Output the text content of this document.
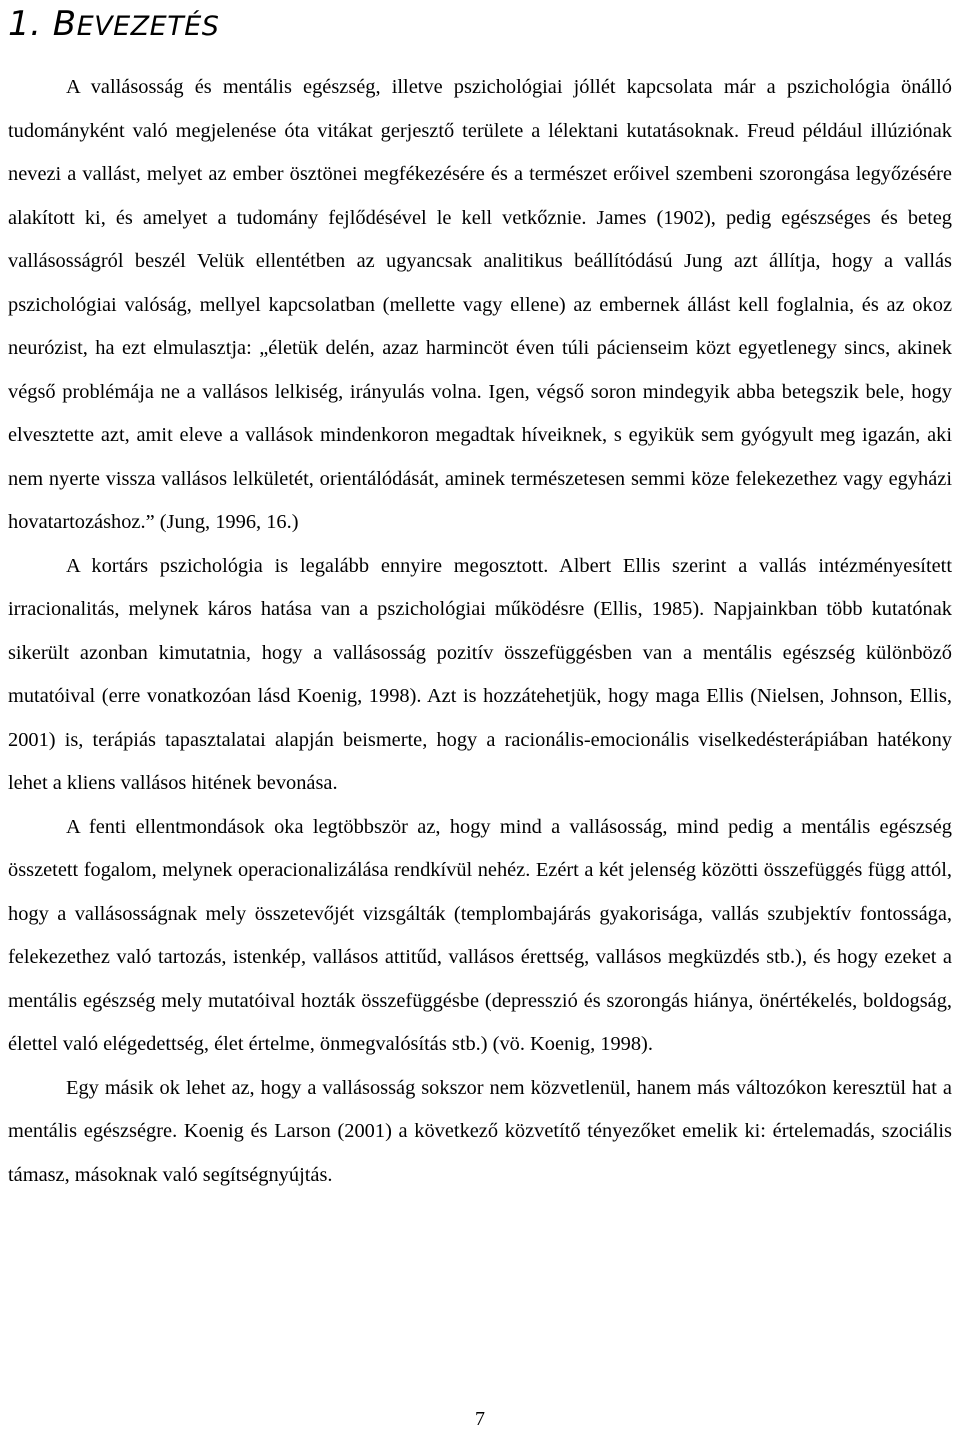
1. BEVEZETÉS

A vallásosság és mentális egészség, illetve pszichológiai jóllét kapcsolata már a pszichológia önálló tudományként való megjelenése óta vitákat gerjesztő területe a lélektani kutatásoknak. Freud például illúziónak nevezi a vallást, melyet az ember ösztönei megfékezésére és a természet erőivel szembeni szorongása legyőzésére alakított ki, és amelyet a tudomány fejlődésével le kell vetkőznie. James (1902), pedig egészséges és beteg vallásosságról beszél Velük ellentétben az ugyancsak analitikus beállítódású Jung azt állítja, hogy a vallás pszichológiai valóság, mellyel kapcsolatban (mellette vagy ellene) az embernek állást kell foglalnia, és az okoz neurózist, ha ezt elmulasztja: „életük delén, azaz harmincöt éven túli pácienseim közt egyetlenegy sincs, akinek végső problémája ne a vallásos lelkiség, irányulás volna. Igen, végső soron mindegyik abba betegszik bele, hogy elvesztette azt, amit eleve a vallások mindenkoron megadtak híveiknek, s egyikük sem gyógyult meg igazán, aki nem nyerte vissza vallásos lelkületét, orientálódását, aminek természetesen semmi köze felekezethez vagy egyházi hovatartozáshoz.” (Jung, 1996, 16.)

A kortárs pszichológia is legalább ennyire megosztott. Albert Ellis szerint a vallás intézményesített irracionalitás, melynek káros hatása van a pszichológiai működésre (Ellis, 1985). Napjainkban több kutatónak sikerült azonban kimutatnia, hogy a vallásosság pozitív összefüggésben van a mentális egészség különböző mutatóival (erre vonatkozóan lásd Koenig, 1998). Azt is hozzátehetjük, hogy maga Ellis (Nielsen, Johnson, Ellis, 2001) is, terápiás tapasztalatai alapján beismerte, hogy a racionális-emocionális viselkedésterápiában hatékony lehet a kliens vallásos hitének bevonása.

A fenti ellentmondások oka legtöbbször az, hogy mind a vallásosság, mind pedig a mentális egészség összetett fogalom, melynek operacionalizálása rendkívül nehéz. Ezért a két jelenség közötti összefüggés függ attól, hogy a vallásosságnak mely összetevőjét vizsgálták (templombajárás gyakorisága, vallás szubjektív fontossága, felekezethez való tartozás, istenkép, vallásos attitűd, vallásos érettség, vallásos megküzdés stb.), és hogy ezeket a mentális egészség mely mutatóival hozták összefüggésbe (depresszió és szorongás hiánya, önértékelés, boldogság, élettel való elégedettség, élet értelme, önmegvalósítás stb.) (vö. Koenig, 1998).

Egy másik ok lehet az, hogy a vallásosság sokszor nem közvetlenül, hanem más változókon keresztül hat a mentális egészségre. Koenig és Larson (2001) a következő közvetítő tényezőket emelik ki: értelemadás, szociális támasz, másoknak való segítségnyújtás.

7
